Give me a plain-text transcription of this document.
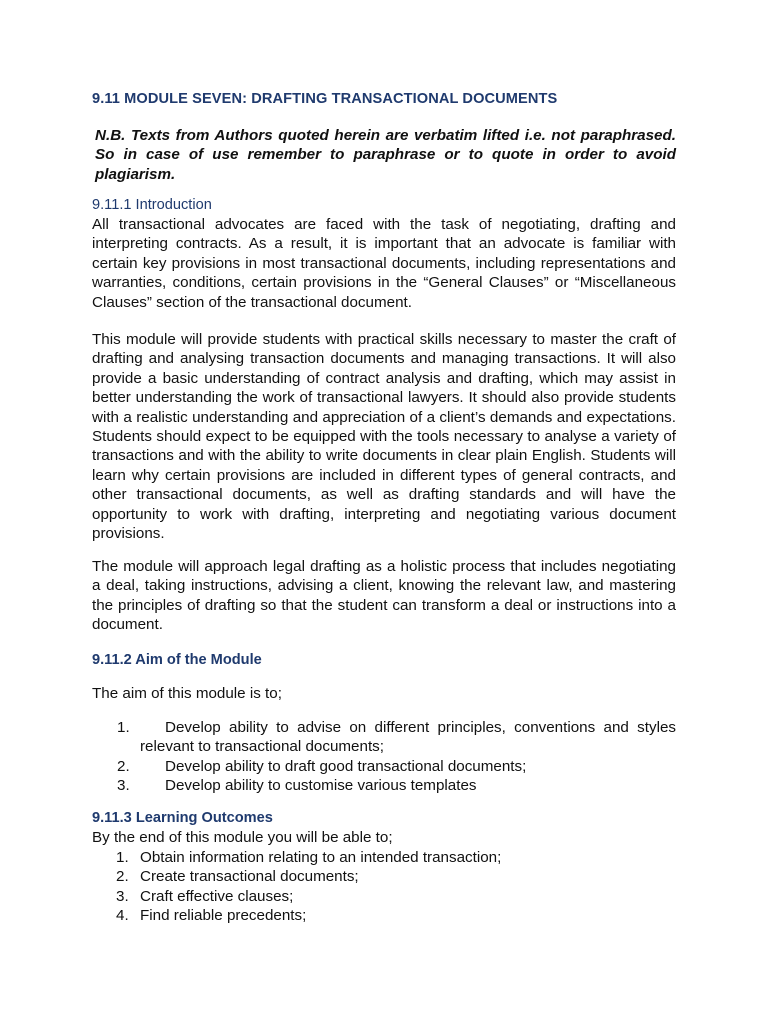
9.11 MODULE SEVEN: DRAFTING TRANSACTIONAL DOCUMENTS
N.B. Texts from Authors quoted herein are verbatim lifted i.e. not paraphrased. So in case of use remember to paraphrase or to quote in order to avoid plagiarism.
9.11.1 Introduction
All transactional advocates are faced with the task of negotiating, drafting and interpreting contracts. As a result, it is important that an advocate is familiar with certain key provisions in most transactional documents, including representations and warranties, conditions, certain provisions in the “General Clauses” or “Miscellaneous Clauses” section of the transactional document.
This module will provide students with practical skills necessary to master the craft of drafting and analysing transaction documents and managing transactions. It will also provide a basic understanding of contract analysis and drafting, which may assist in better understanding the work of transactional lawyers. It should also provide students with a realistic understanding and appreciation of a client’s demands and expectations. Students should expect to be equipped with the tools necessary to analyse a variety of transactions and with the ability to write documents in clear plain English. Students will learn why certain provisions are included in different types of general contracts, and other transactional documents, as well as drafting standards and will have the opportunity to work with drafting, interpreting and negotiating various document provisions.
The module will approach legal drafting as a holistic process that includes negotiating a deal, taking instructions, advising a client, knowing the relevant law, and mastering the principles of drafting so that the student can transform a deal or instructions into a document.
9.11.2 Aim of the Module
The aim of this module is to;
1. Develop ability to advise on different principles, conventions and styles relevant to transactional documents;
2. Develop ability to draft good transactional documents;
3. Develop ability to customise various templates
9.11.3 Learning Outcomes
By the end of this module you will be able to;
1. Obtain information relating to an intended transaction;
2. Create transactional documents;
3. Craft effective clauses;
4. Find reliable precedents;
